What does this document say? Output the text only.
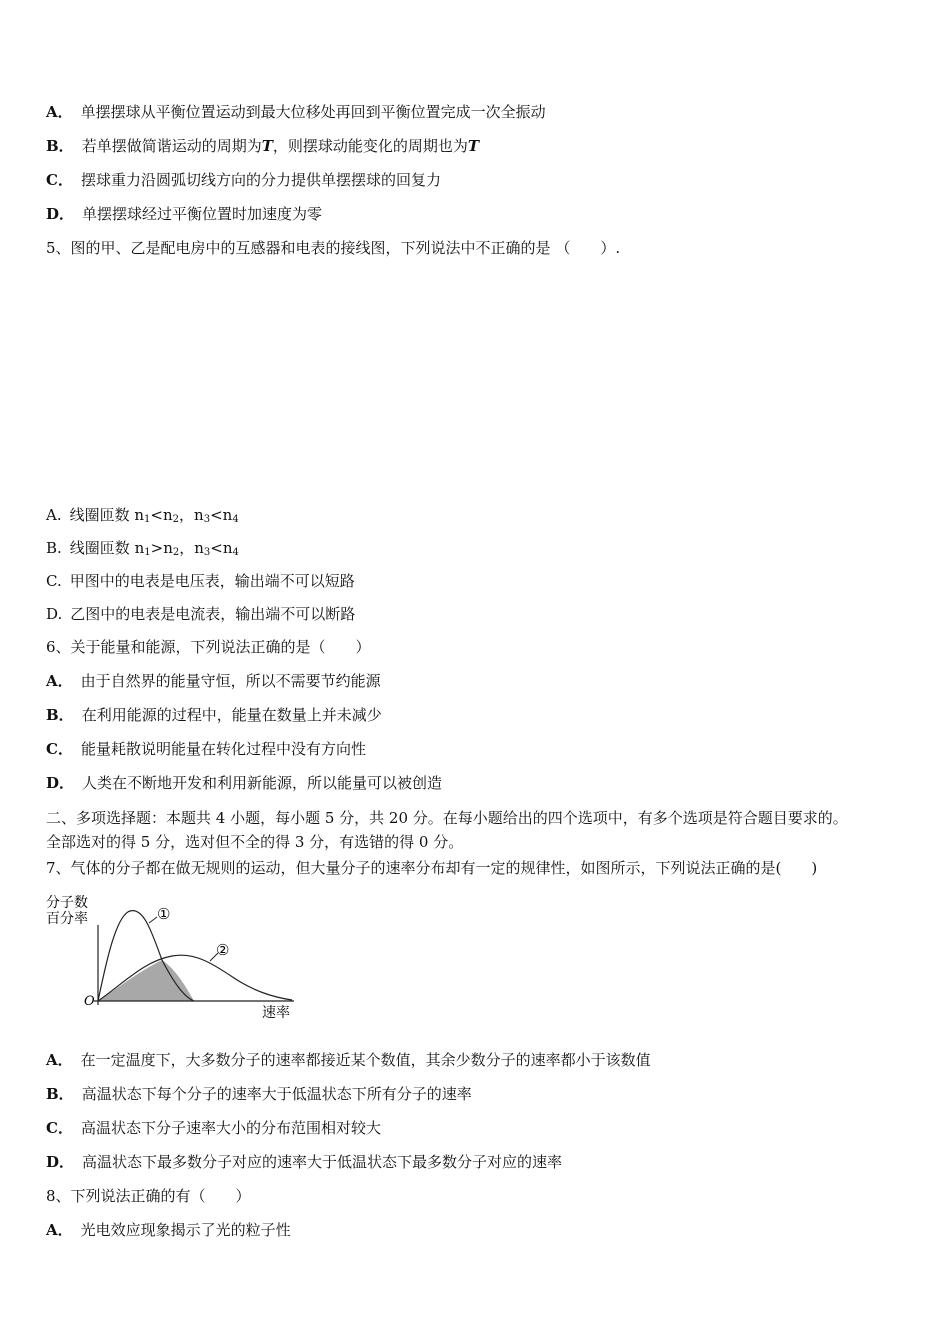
A． 单摆摆球从平衡位置运动到最大位移处再回到平衡位置完成一次全振动
B． 若单摆做简谐运动的周期为T，则摆球动能变化的周期也为T
C． 摆球重力沿圆弧切线方向的分力提供单摆摆球的回复力
D． 单摆摆球经过平衡位置时加速度为零
5、图的甲、乙是配电房中的互感器和电表的接线图，下列说法中不正确的是 （　　）.
A. 线圈匝数 $n_1<n_2$，$n_3<n_4$
B. 线圈匝数 $n_1>n_2$，$n_3<n_4$
C. 甲图中的电表是电压表，输出端不可以短路
D. 乙图中的电表是电流表，输出端不可以断路
6、关于能量和能源，下列说法正确的是（　　）
A． 由于自然界的能量守恒，所以不需要节约能源
B． 在利用能源的过程中，能量在数量上并未减少
C． 能量耗散说明能量在转化过程中没有方向性
D． 人类在不断地开发和利用新能源，所以能量可以被创造
二、多项选择题：本题共 4 小题，每小题 5 分，共 20 分。在每小题给出的四个选项中，有多个选项是符合题目要求的。
全部选对的得 5 分，选对但不全的得 3 分，有选错的得 0 分。
7、气体的分子都在做无规则的运动，但大量分子的速率分布却有一定的规律性，如图所示，下列说法正确的是(　　)
分子数
百分率	①
②
O
速率
A． 在一定温度下，大多数分子的速率都接近某个数值，其余少数分子的速率都小于该数值
B． 高温状态下每个分子的速率大于低温状态下所有分子的速率
C． 高温状态下分子速率大小的分布范围相对较大
D． 高温状态下最多数分子对应的速率大于低温状态下最多数分子对应的速率
8、下列说法正确的有（　　）
A． 光电效应现象揭示了光的粒子性
